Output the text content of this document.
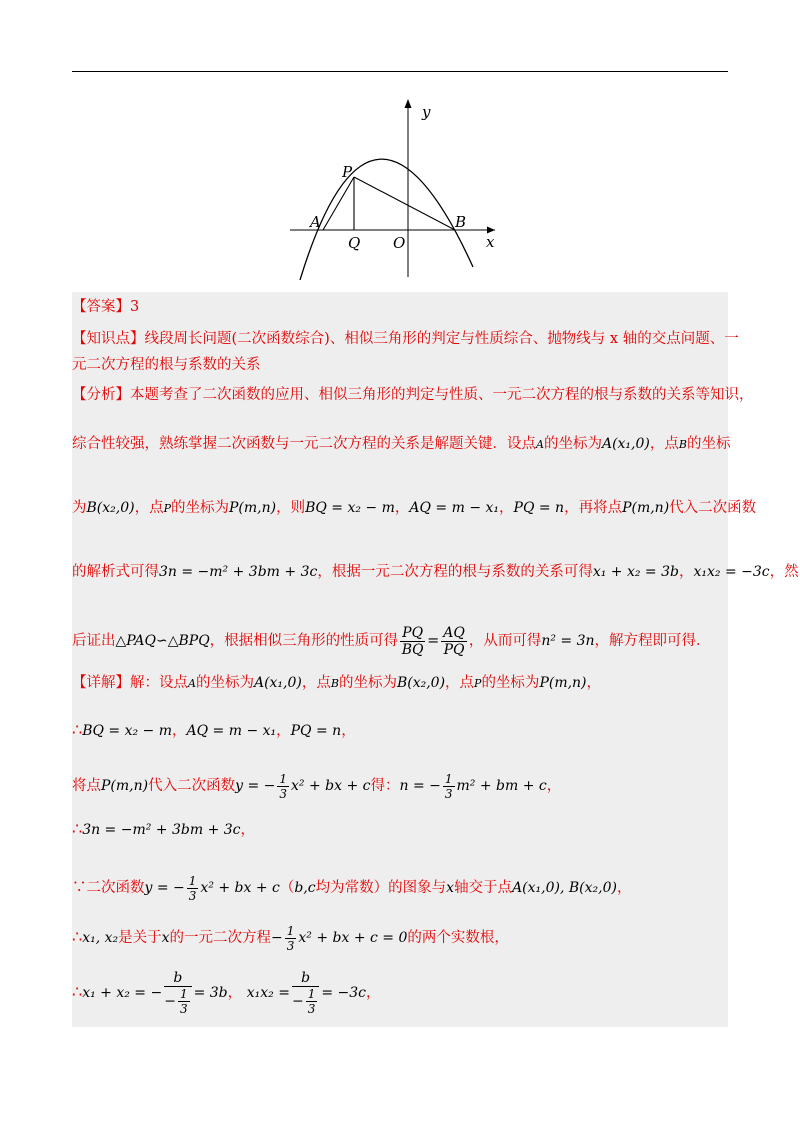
y
x
P
A	B
Q O
【答案】3
【知识点】线段周长问题(二次函数综合)、相似三角形的判定与性质综合、抛物线与 x 轴的交点问题、一
元二次方程的根与系数的关系
【分析】本题考查了二次函数的应用、相似三角形的判定与性质、一元二次方程的根与系数的关系等知识，
综合性较强，熟练掌握二次函数与一元二次方程的关系是解题关键．设点A的坐标为A(x₁,0)，点B的坐标
为B(x₂,0)，点P的坐标为P(m,n)，则BQ = x₂ − m，AQ = m − x₁，PQ = n，再将点P(m,n)代入二次函数
的解析式可得3n = −m² + 3bm + 3c，根据一元二次方程的根与系数的关系可得x₁ + x₂ = 3b，x₁x₂ = −3c，然
后证出△PAQ∽△BPQ，根据相似三角形的性质可得 $\frac{PQ}{BQ} = \frac{AQ}{PQ}$ ，从而可得n² = 3n，解方程即可得．
【详解】解：设点A的坐标为A(x₁,0)，点B的坐标为B(x₂,0)，点P的坐标为P(m,n)，
∴BQ = x₂ − m，AQ = m − x₁，PQ = n，
将点P(m,n)代入二次函数y = − $\frac{1}{3} x^2$ + bx + c得：n = − $\frac{1}{3} m^2$ + bm + c，
∴3n = −m² + 3bm + 3c，
∵二次函数y = − $\frac{1}{3} x^2$ + bx + c（b,c均为常数）的图象与x轴交于点A(x₁,0), B(x₂,0)，
∴x₁, x₂是关于x的一元二次方程− $\frac{1}{3} x^2$ + bx + c = 0的两个实数根，
∴x₁ + x₂ = − $\frac{b}{- \frac{1}{3}} = 3b$， $x_1x_2 = \frac{b}{- \frac{1}{3}} = -3c$，
